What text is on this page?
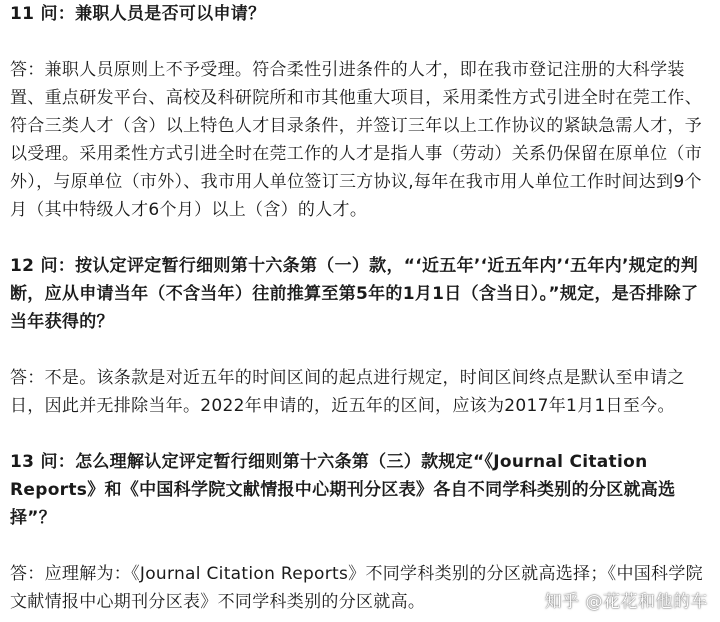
11 问：兼职人员是否可以申请？

答：兼职人员原则上不予受理。符合柔性引进条件的人才，即在我市登记注册的大科学装置、重点研发平台、高校及科研院所和市其他重大项目，采用柔性方式引进全时在莞工作、符合三类人才（含）以上特色人才目录条件，并签订三年以上工作协议的紧缺急需人才，予以受理。采用柔性方式引进全时在莞工作的人才是指人事（劳动）关系仍保留在原单位（市外），与原单位（市外）、我市用人单位签订三方协议,每年在我市用人单位工作时间达到9个月（其中特级人才6个月）以上（含）的人才。

12 问：按认定评定暂行细则第十六条第（一）款，“‘近五年’‘近五年内’‘五年内’规定的判断，应从申请当年（不含当年）往前推算至第5年的1月1日（含当日）。”规定，是否排除了当年获得的？

答：不是。该条款是对近五年的时间区间的起点进行规定，时间区间终点是默认至申请之日，因此并无排除当年。2022年申请的，近五年的区间，应该为2017年1月1日至今。

13 问：怎么理解认定评定暂行细则第十六条第（三）款规定“《Journal Citation Reports》和《中国科学院文献情报中心期刊分区表》各自不同学科类别的分区就高选择”？

答：应理解为：《Journal Citation Reports》不同学科类别的分区就高选择；《中国科学院文献情报中心期刊分区表》不同学科类别的分区就高。	知乎 @花花和他的车
